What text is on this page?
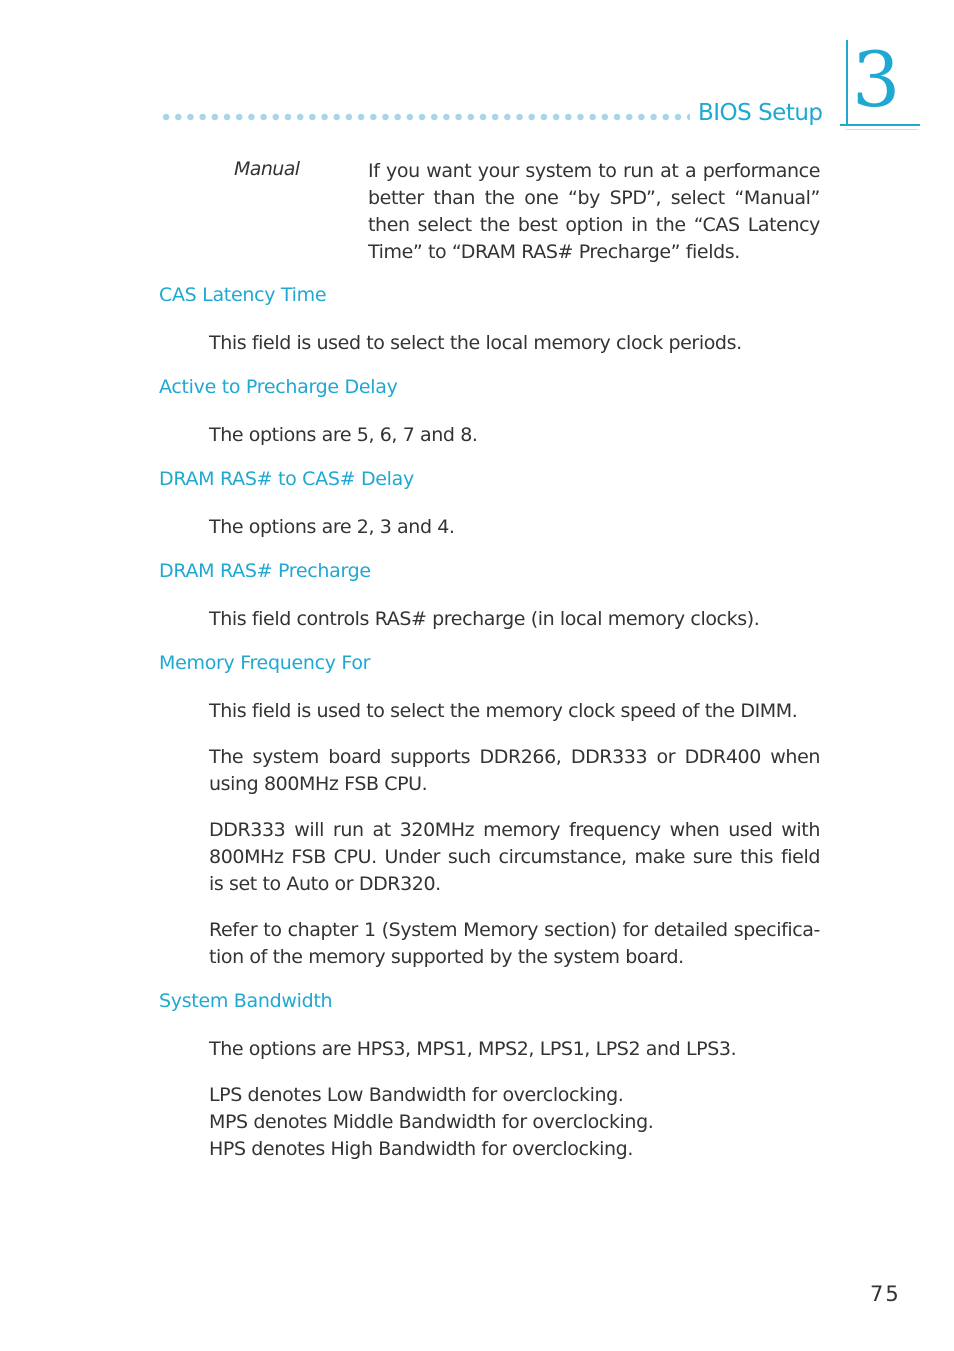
BIOS Setup 3
Manual	If you want your system to run at a performance better than the one “by SPD”, select “Manual” then select the best option in the “CAS Latency Time” to “DRAM RAS# Precharge” fields.
CAS Latency Time
This field is used to select the local memory clock periods.
Active to Precharge Delay
The options are 5, 6, 7 and 8.
DRAM RAS# to CAS# Delay
The options are 2, 3 and 4.
DRAM RAS# Precharge
This field controls RAS# precharge (in local memory clocks).
Memory Frequency For
This field is used to select the memory clock speed of the DIMM.
The system board supports DDR266, DDR333 or DDR400 when using 800MHz FSB CPU.
DDR333 will run at 320MHz memory frequency when used with 800MHz FSB CPU. Under such circumstance, make sure this field is set to Auto or DDR320.
Refer to chapter 1 (System Memory section) for detailed specifica-tion of the memory supported by the system board.
System Bandwidth
The options are HPS3, MPS1, MPS2, LPS1, LPS2 and LPS3.
LPS denotes Low Bandwidth for overclocking.
MPS denotes Middle Bandwidth for overclocking.
HPS denotes High Bandwidth for overclocking.
75
